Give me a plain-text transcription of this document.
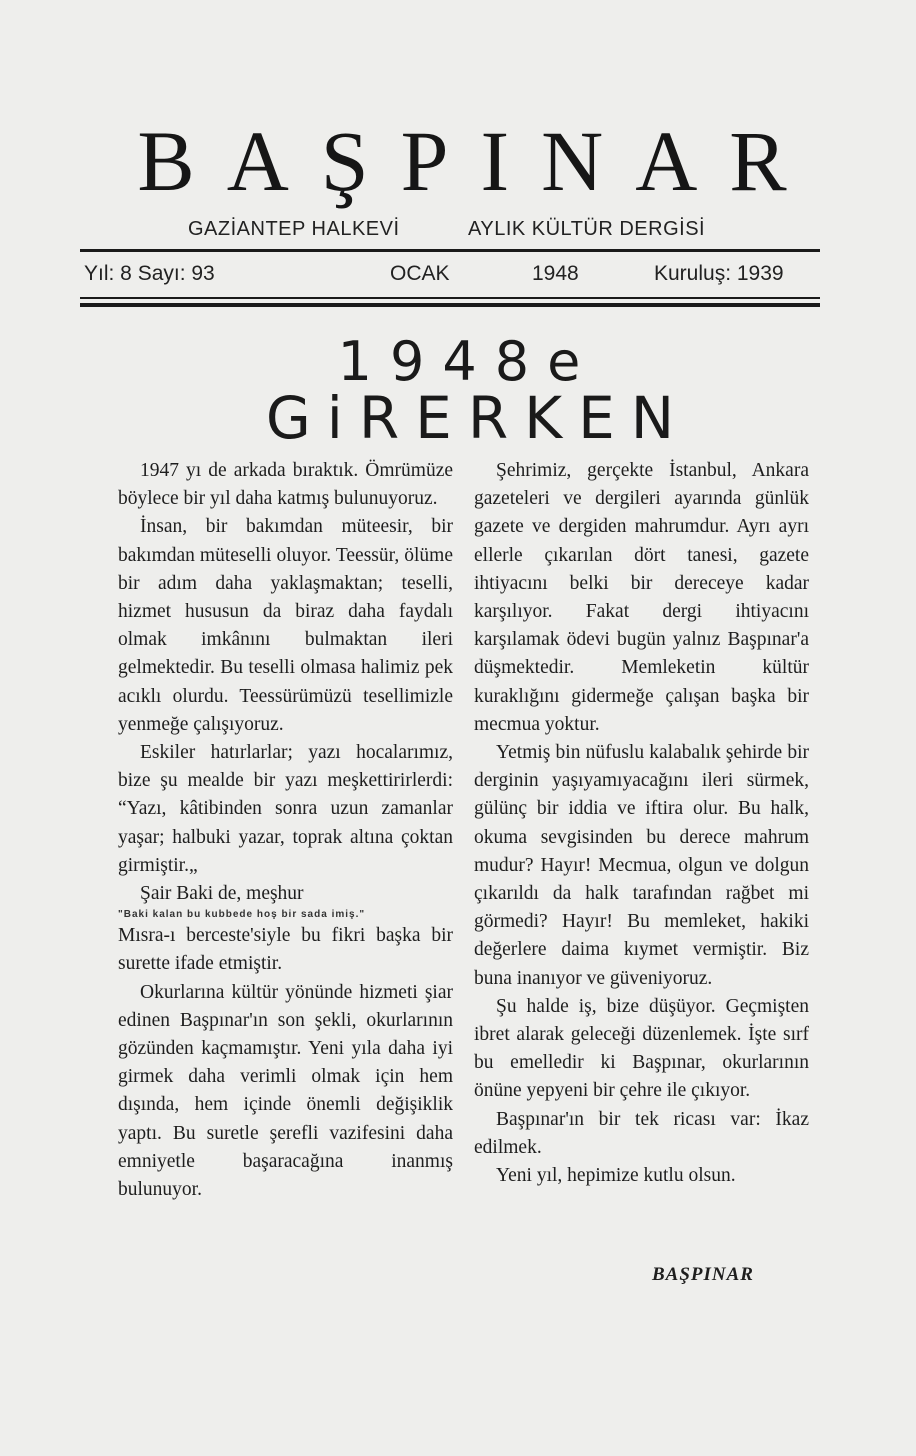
BAŞPINAR
GAZİANTEP HALKEVİ	AYLIK KÜLTÜR DERGİSİ
Yıl: 8 Sayı: 93	OCAK	1948	Kuruluş: 1939
1948e
GiRERKEN

1947 yı de arkada bıraktık. Ömrümüze böylece bir yıl daha katmış bulunuyoruz.

İnsan, bir bakımdan müteesir, bir bakımdan müteselli oluyor. Teessür, ölüme bir adım daha yaklaşmaktan; teselli, hizmet hususun da biraz daha faydalı olmak imkânını bulmaktan ileri gelmektedir. Bu teselli olmasa halimiz pek acıklı olurdu. Teessürümüzü tesellimizle yenmeğe çalışıyoruz.

Eskiler hatırlarlar; yazı hocalarımız, bize şu mealde bir yazı meşkettirirlerdi: “Yazı, kâtibinden sonra uzun zamanlar yaşar; halbuki yazar, toprak altına çoktan girmiştir.„

Şair Baki de, meşhur

"Baki kalan bu kubbede hoş bir sada imiş."

Mısra-ı berceste'siyle bu fikri başka bir surette ifade etmiştir.

Okurlarına kültür yönünde hizmeti şiar edinen Başpınar'ın son şekli, okurlarının gözünden kaçmamıştır. Yeni yıla daha iyi girmek daha verimli olmak için hem dışında, hem içinde önemli değişiklik yaptı. Bu suretle şerefli vazifesini daha emniyetle başaracağına inanmış bulunuyor.

Şehrimiz, gerçekte İstanbul, Ankara gazeteleri ve dergileri ayarında günlük gazete ve dergiden mahrumdur. Ayrı ayrı ellerle çıkarılan dört tanesi, gazete ihtiyacını belki bir dereceye kadar karşılıyor. Fakat dergi ihtiyacını karşılamak ödevi bugün yalnız Başpınar'a düşmektedir. Memleketin kültür kuraklığını gidermeğe çalışan başka bir mecmua yoktur.

Yetmiş bin nüfuslu kalabalık şehirde bir derginin yaşıyamıyacağını ileri sürmek, gülünç bir iddia ve iftira olur. Bu halk, okuma sevgisinden bu derece mahrum mudur? Hayır! Mecmua, olgun ve dolgun çıkarıldı da halk tarafından rağbet mi görmedi? Hayır! Bu memleket, hakiki değerlere daima kıymet vermiştir. Biz buna inanıyor ve güveniyoruz.

Şu halde iş, bize düşüyor. Geçmişten ibret alarak geleceği düzenlemek. İşte sırf bu emelledir ki Başpınar, okurlarının önüne yepyeni bir çehre ile çıkıyor.

Başpınar'ın bir tek ricası var: İkaz edilmek.

Yeni yıl, hepimize kutlu olsun.

BAŞPINAR
